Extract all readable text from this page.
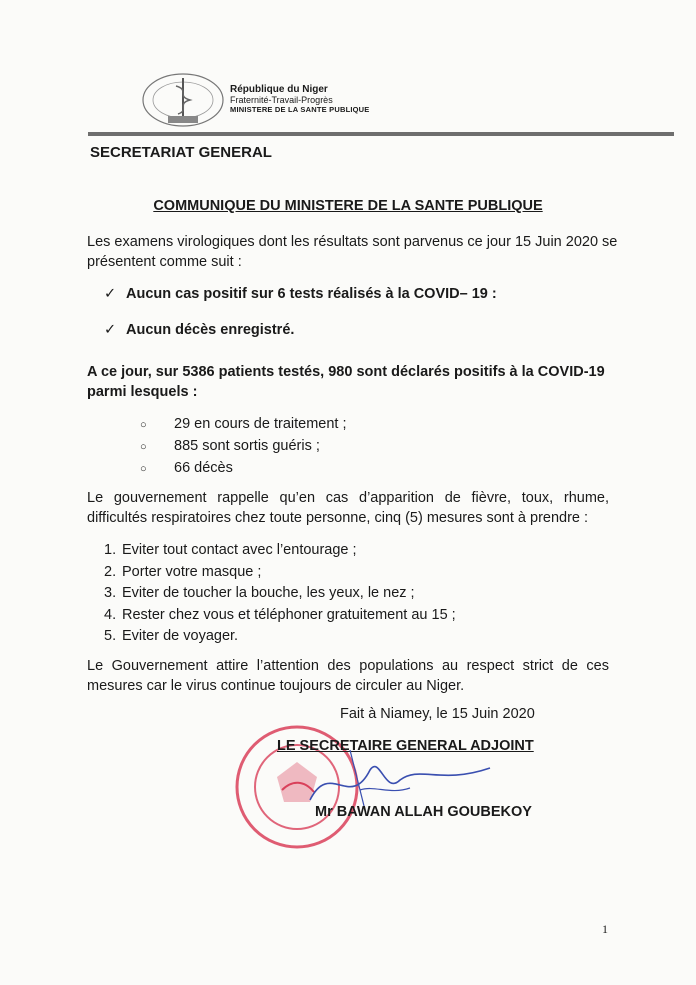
République du Niger
Fraternité-Travail-Progrès
MINISTERE DE LA SANTE PUBLIQUE
SECRETARIAT GENERAL
COMMUNIQUE DU MINISTERE DE LA SANTE PUBLIQUE

Les examens virologiques dont les résultats sont parvenus ce jour 15 Juin 2020 se présentent comme suit :

✓ Aucun cas positif sur 6 tests réalisés à la COVID– 19 :
✓ Aucun décès enregistré.

A ce jour, sur 5386 patients testés, 980 sont déclarés positifs à la COVID-19 parmi lesquels :

○ 29 en cours de traitement ;
○ 885 sont sortis guéris ;
○ 66 décès

Le gouvernement rappelle qu’en cas d’apparition de fièvre, toux, rhume, difficultés respiratoires chez toute personne, cinq (5) mesures sont à prendre :

1. Eviter tout contact avec l’entourage ;
2. Porter votre masque ;
3. Eviter de toucher la bouche, les yeux, le nez ;
4. Rester chez vous et téléphoner gratuitement au 15 ;
5. Eviter de voyager.

Le Gouvernement attire l’attention des populations au respect strict de ces mesures car le virus continue toujours de circuler au Niger.

Fait à Niamey, le 15 Juin 2020
LE SECRETAIRE GENERAL ADJOINT
Mr BAWAN ALLAH GOUBEKOY
1
